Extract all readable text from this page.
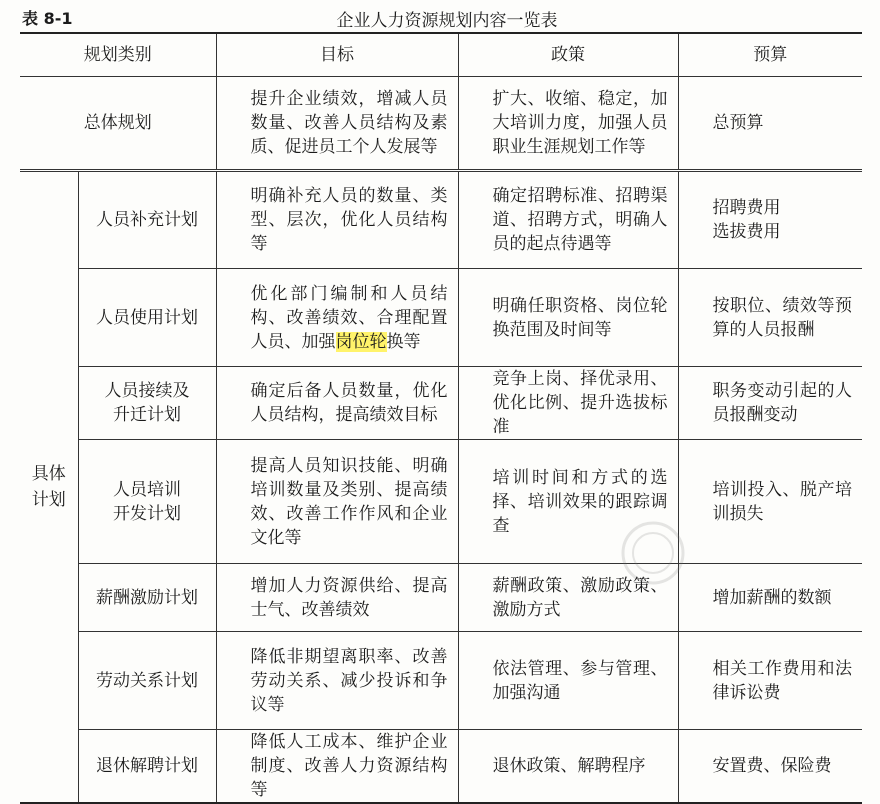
表 8-1	企业人力资源规划内容一览表
规划类别		目标	政策	预算
总体规划		提升企业绩效，增减人员数量、改善人员结构及素质、促进员工个人发展等	扩大、收缩、稳定，加大培训力度，加强人员职业生涯规划工作等	总预算

具体计划	人员补充计划	明确补充人员的数量、类型、层次，优化人员结构等	确定招聘标准、招聘渠道、招聘方式，明确人员的起点待遇等	招聘费用
选拔费用

	人员使用计划	优化部门编制和人员结构、改善绩效、合理配置人员、加强岗位轮换等	明确任职资格、岗位轮换范围及时间等	按职位、绩效等预算的人员报酬

	人员接续及
升迁计划	确定后备人员数量，优化人员结构，提高绩效目标	竞争上岗、择优录用、优化比例、提升选拔标准	职务变动引起的人员报酬变动

	人员培训
开发计划	提高人员知识技能、明确培训数量及类别、提高绩效、改善工作作风和企业文化等	培训时间和方式的选择、培训效果的跟踪调查	培训投入、脱产培训损失

	薪酬激励计划	增加人力资源供给、提高士气、改善绩效	薪酬政策、激励政策、激励方式	增加薪酬的数额

	劳动关系计划	降低非期望离职率、改善劳动关系、减少投诉和争议等	依法管理、参与管理、加强沟通	相关工作费用和法律诉讼费

	退休解聘计划	降低人工成本、维护企业制度、改善人力资源结构等	退休政策、解聘程序	安置费、保险费
